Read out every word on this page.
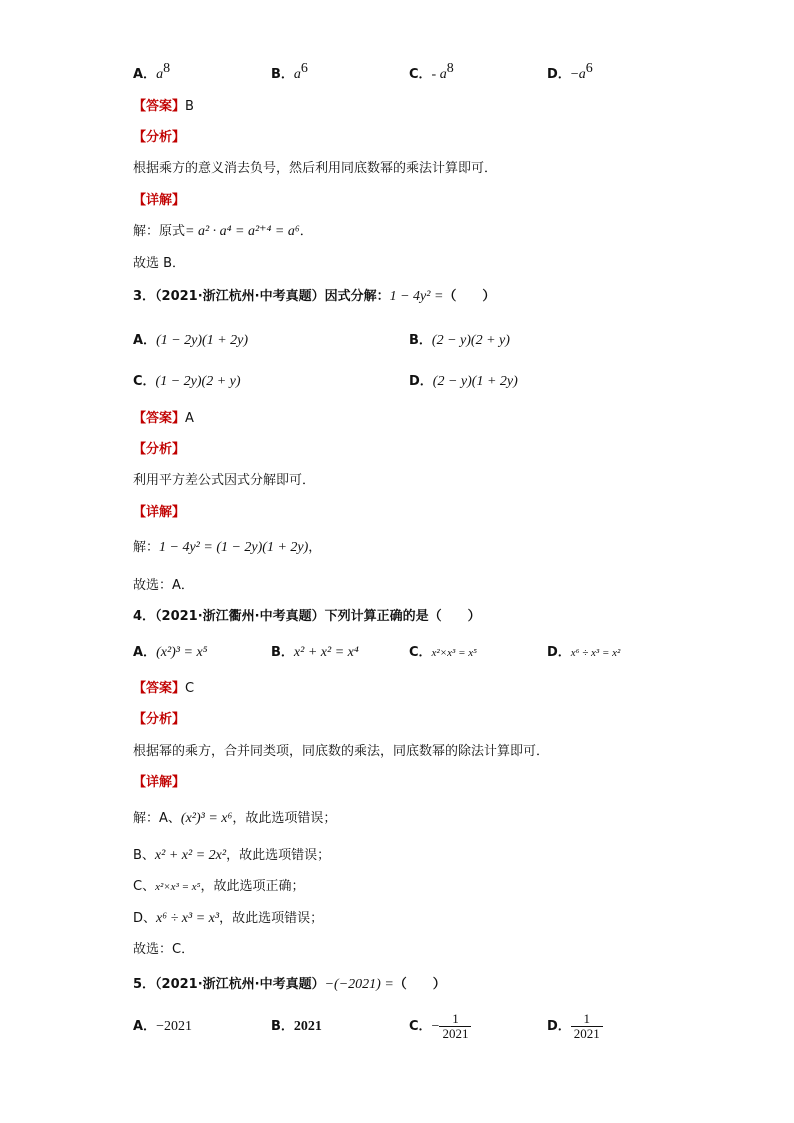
A．$a^8$	B．$a^6$	C．- $a^8$	D．$-a^6$
【答案】B
【分析】
根据乘方的意义消去负号，然后利用同底数幂的乘法计算即可．
【详解】
解：原式= a² · a⁴ = a²⁺⁴ = a⁶．
故选 B．
3．（2021·浙江杭州·中考真题）因式分解：1 − 4y² =（　　）
A．(1 − 2y)(1 + 2y)	B．(2 − y)(2 + y)
C．(1 − 2y)(2 + y)	D．(2 − y)(1 + 2y)
【答案】A
【分析】
利用平方差公式因式分解即可．
【详解】
解：1 − 4y² = (1 − 2y)(1 + 2y)，
故选：A．
4．（2021·浙江衢州·中考真题）下列计算正确的是（　　）
A．(x²)³ = x⁵	B．x² + x² = x⁴	C．x²×x³ = x⁵	D．x⁶ ÷ x³ = x²
【答案】C
【分析】
根据幂的乘方，合并同类项，同底数的乘法，同底数幂的除法计算即可．
【详解】
解：A、(x²)³ = x⁶，故此选项错误；
B、x² + x² = 2x²，故此选项错误；
C、x²×x³ = x⁵，故此选项正确；
D、x⁶ ÷ x³ = x³，故此选项错误；
故选：C．
5．（2021·浙江杭州·中考真题）−(−2021) =（　　）
A．−2021	B．2021	C．− $\frac{1}{2021}$	D． $\frac{1}{2021}$
